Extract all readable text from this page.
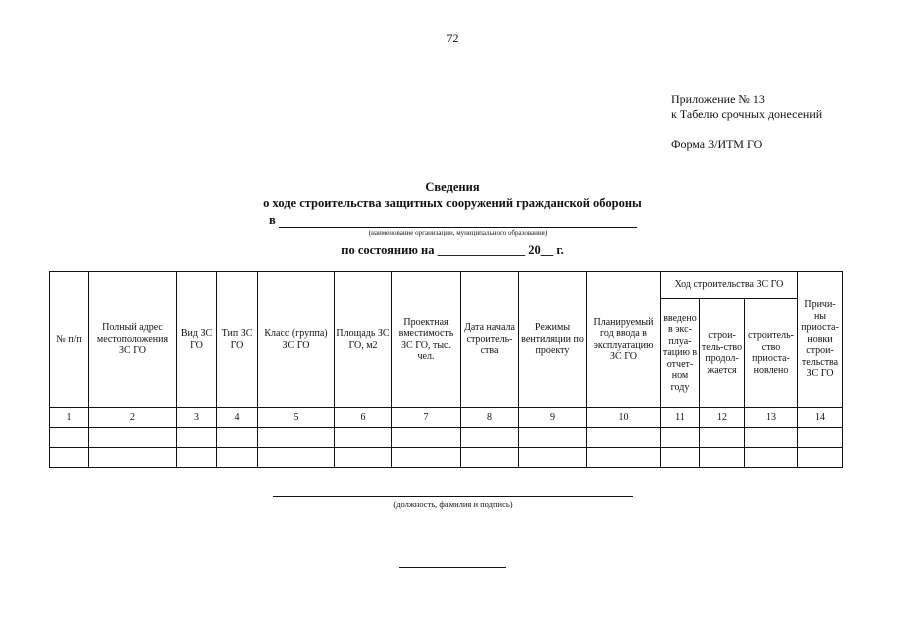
72
Приложение № 13
к Табелю срочных донесений
Форма 3/ИТМ ГО
Сведения
о ходе строительства защитных сооружений гражданской обороны
в
(наименование организации, муниципального образования)
по состоянию на ______________ 20__ г.
№ п/п	Полный адрес местоположения ЗС ГО	Вид ЗС ГО	Тип ЗС ГО	Класс (группа) ЗС ГО	Площадь ЗС ГО, м2	Проектная вместимость ЗС ГО, тыс. чел.	Дата начала строитель-ства	Режимы вентиляции по проекту	Планируемый год ввода в эксплуатацию ЗС ГО	Ход строительства ЗС ГО			Причи-ны приоста-новки строи-тельства ЗС ГО
										введено в экс-плуа-тацию в отчет-ном году	строи-тель-ство продол-жается	строитель-ство приоста-новлено	
1	2	3	4	5	6	7	8	9	10	11	12	13	14

(должность, фамилия и подпись)
